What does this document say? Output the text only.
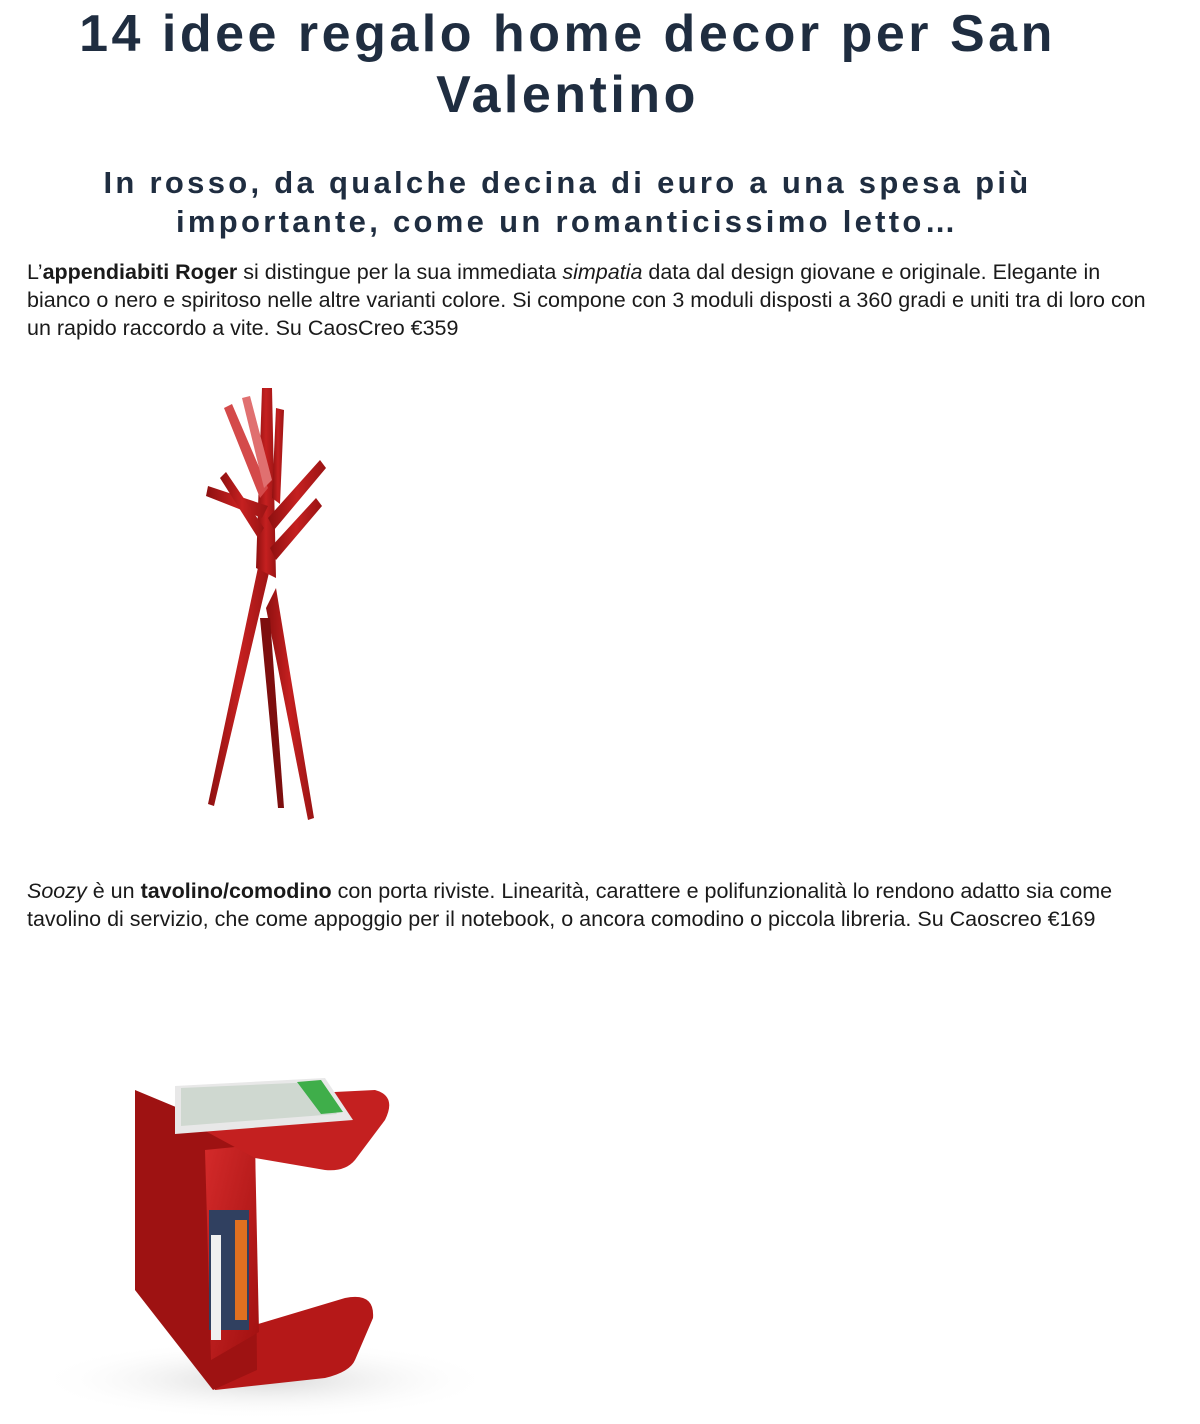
14 idee regalo home decor per San Valentino
In rosso, da qualche decina di euro a una spesa più importante, come un romanticissimo letto…

L’appendiabiti Roger si distingue per la sua immediata simpatia data dal design giovane e originale. Elegante in bianco o nero e spiritoso nelle altre varianti colore. Si compone con 3 moduli disposti a 360 gradi e uniti tra di loro con un rapido raccordo a vite. Su CaosCreo €359

Soozy è un tavolino/comodino con porta riviste. Linearità, carattere e polifunzionalità lo rendono adatto sia come tavolino di servizio, che come appoggio per il notebook, o ancora comodino o piccola libreria. Su Caoscreo €169
